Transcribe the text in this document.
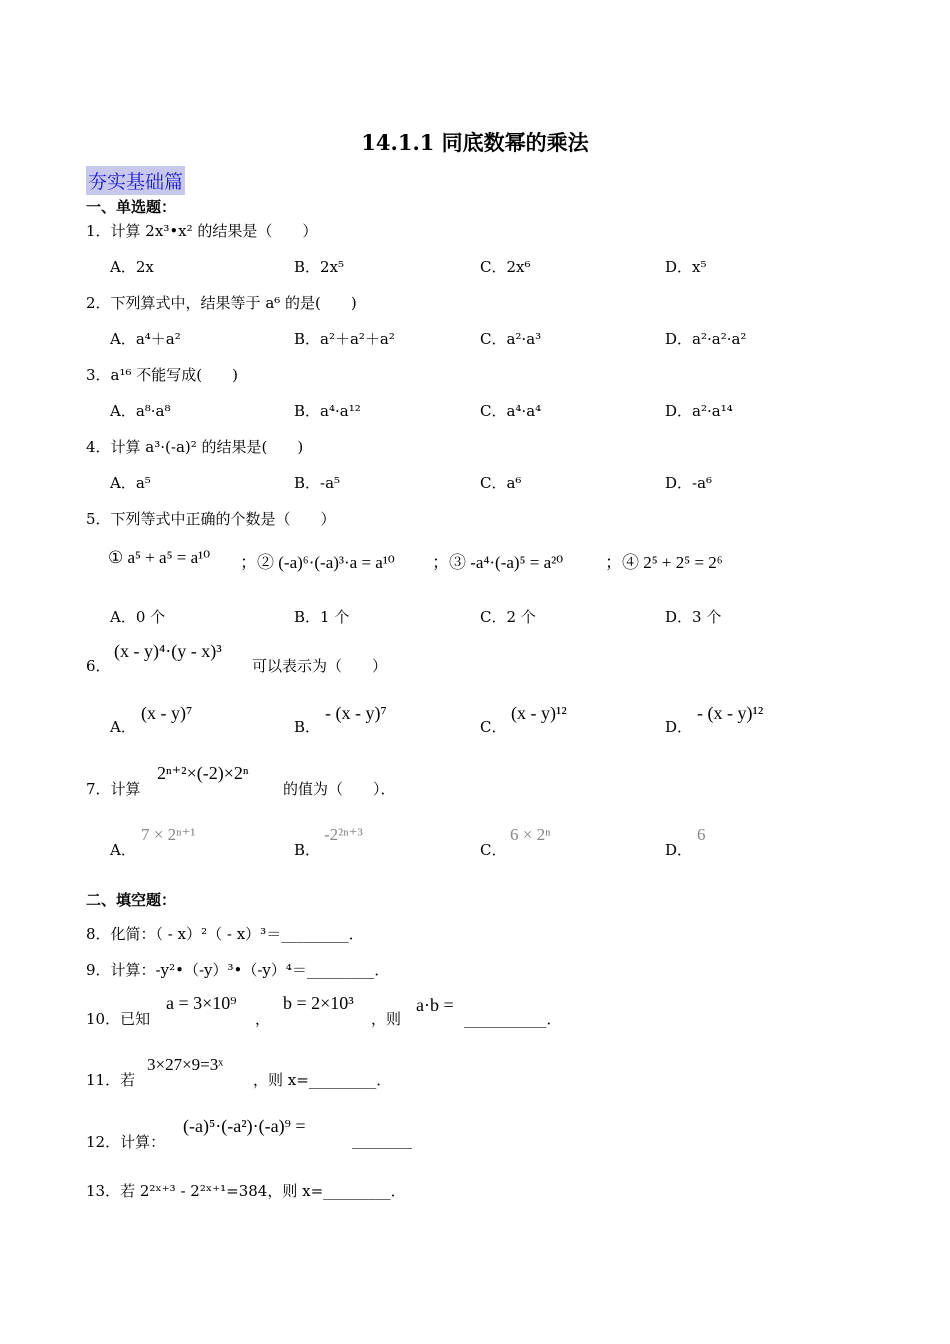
14.1.1 同底数幂的乘法
夯实基础篇
一、单选题：
1．计算 2x³•x² 的结果是（　　）
A．2x	B．2x⁵	C．2x⁶	D．x⁵
2．下列算式中，结果等于 a⁶ 的是(　　)
A．a⁴＋a²	B．a²＋a²＋a²	C．a²·a³	D．a²·a²·a²
3．a¹⁶ 不能写成(　　)
A．a⁸·a⁸	B．a⁴·a¹²	C．a⁴·a⁴	D．a²·a¹⁴
4．计算 a³·(-a)² 的结果是(　　)
A．a⁵	B．-a⁵	C．a⁶	D．-a⁶
5．下列等式中正确的个数是（　　）
① a⁵ + a⁵ = a¹⁰ ；② (-a)⁶·(-a)³·a = a¹⁰ ；③ -a⁴·(-a)⁵ = a²⁰ ；④ 2⁵ + 2⁵ = 2⁶
A．0 个	B．1 个	C．2 个	D．3 个
6．
(x - y)⁴·(y - x)³
可以表示为（　　）
A．
(x - y)⁷
B．
- (x - y)⁷
C．
(x - y)¹²
D．
- (x - y)¹²
7．计算
2ⁿ⁺²×(-2)×2ⁿ
的值为（　　）．
A．
7 × 2ⁿ⁺¹
B．
-2²ⁿ⁺³
C．
6 × 2ⁿ
D．
6
二、填空题：
8．化简：（ - x）²（ - x）³＝_________．
9．计算：-y²•（-y）³•（-y）⁴＝_________．
10．已知
a = 3×10⁹
，
b = 2×10³
，则
a·b =
___________．
11．若
3×27×9=3ˣ
，则 x=_________．
12．计算：
(-a)⁵·(-a²)·(-a)⁹ =
________
13．若 2²ˣ⁺³ - 2²ˣ⁺¹=384，则 x=_________．
